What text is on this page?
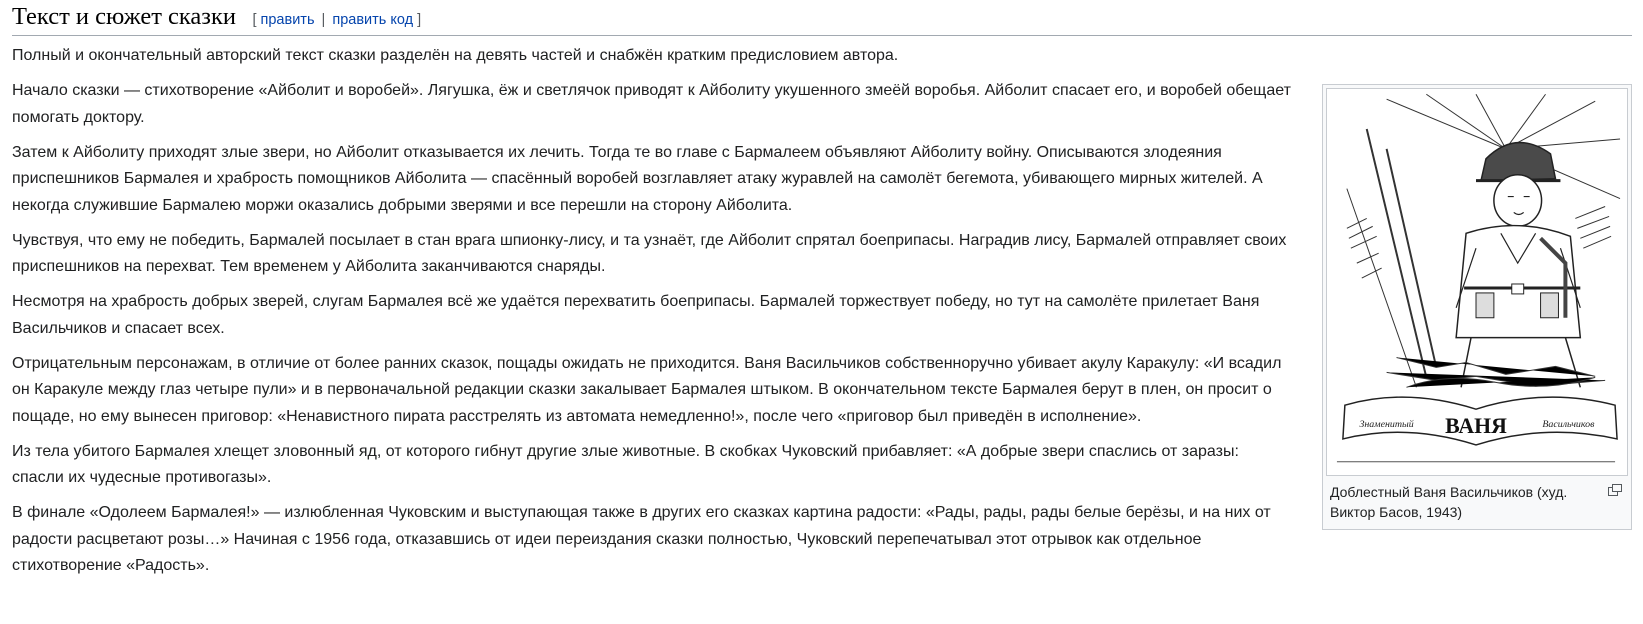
Текст и сюжет сказки [ править | править код ]

Полный и окончательный авторский текст сказки разделён на девять частей и снабжён кратким предисловием автора.

Знаменитый ВАНЯ	Васильчиков
Доблестный Ваня Васильчиков (худ. Виктор Басов, 1943)

Начало сказки — стихотворение «Айболит и воробей». Лягушка, ёж и светлячок приводят к Айболиту укушенного змеёй воробья. Айболит спасает его, и воробей обещает помогать доктору.

Затем к Айболиту приходят злые звери, но Айболит отказывается их лечить. Тогда те во главе с Бармалеем объявляют Айболиту войну. Описываются злодеяния приспешников Бармалея и храбрость помощников Айболита — спасённый воробей возглавляет атаку журавлей на самолёт бегемота, убивающего мирных жителей. А некогда служившие Бармалею моржи оказались добрыми зверями и все перешли на сторону Айболита.

Чувствуя, что ему не победить, Бармалей посылает в стан врага шпионку-лису, и та узнаёт, где Айболит спрятал боеприпасы. Наградив лису, Бармалей отправляет своих приспешников на перехват. Тем временем у Айболита заканчиваются снаряды.

Несмотря на храбрость добрых зверей, слугам Бармалея всё же удаётся перехватить боеприпасы. Бармалей торжествует победу, но тут на самолёте прилетает Ваня Васильчиков и спасает всех.

Отрицательным персонажам, в отличие от более ранних сказок, пощады ожидать не приходится. Ваня Васильчиков собственноручно убивает акулу Каракулу: «И всадил он Каракуле между глаз четыре пули» и в первоначальной редакции сказки закалывает Бармалея штыком. В окончательном тексте Бармалея берут в плен, он просит о пощаде, но ему вынесен приговор: «Ненавистного пирата расстрелять из автомата немедленно!», после чего «приговор был приведён в исполнение».

Из тела убитого Бармалея хлещет зловонный яд, от которого гибнут другие злые животные. В скобках Чуковский прибавляет: «А добрые звери спаслись от заразы: спасли их чудесные противогазы».

В финале «Одолеем Бармалея!» — излюбленная Чуковским и выступающая также в других его сказках картина радости: «Рады, рады, рады белые берёзы, и на них от радости расцветают розы…» Начиная с 1956 года, отказавшись от идеи переиздания сказки полностью, Чуковский перепечатывал этот отрывок как отдельное стихотворение «Радость».
